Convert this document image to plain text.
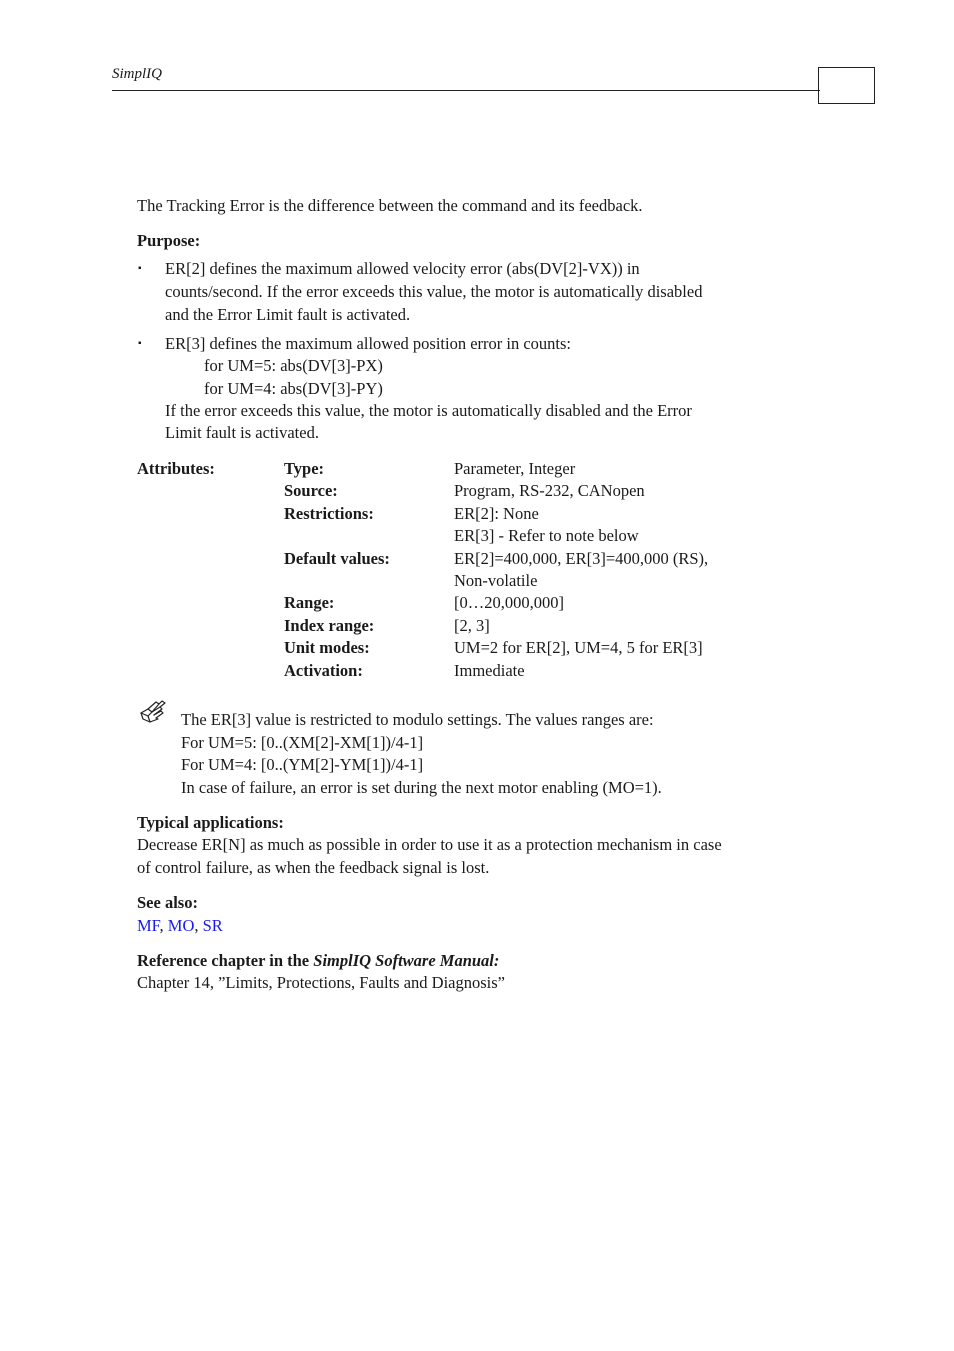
SimplIQ
The Tracking Error is the difference between the command and its feedback.
Purpose:
▪ ER[2] defines the maximum allowed velocity error (abs(DV[2]-VX)) in
counts/second. If the error exceeds this value, the motor is automatically disabled
and the Error Limit fault is activated.
▪ ER[3] defines the maximum allowed position error in counts:
for UM=5: abs(DV[3]-PX)
for UM=4: abs(DV[3]-PY)
If the error exceeds this value, the motor is automatically disabled and the Error
Limit fault is activated.
Attributes:	Type:	Parameter, Integer
Source:	Program, RS-232, CANopen
Restrictions:	ER[2]: None
ER[3] - Refer to note below
Default values:	ER[2]=400,000, ER[3]=400,000 (RS),
Non-volatile
Range:	[0…20,000,000]
Index range:	[2, 3]
Unit modes:	UM=2 for ER[2], UM=4, 5 for ER[3]
Activation:	Immediate
The ER[3] value is restricted to modulo settings. The values ranges are:
For UM=5: [0..(XM[2]-XM[1])/4-1]
For UM=4: [0..(YM[2]-YM[1])/4-1]
In case of failure, an error is set during the next motor enabling (MO=1).
Typical applications:
Decrease ER[N] as much as possible in order to use it as a protection mechanism in case
of control failure, as when the feedback signal is lost.
See also:
MF, MO, SR
Reference chapter in the SimplIQ Software Manual:
Chapter 14, ”Limits, Protections, Faults and Diagnosis”
